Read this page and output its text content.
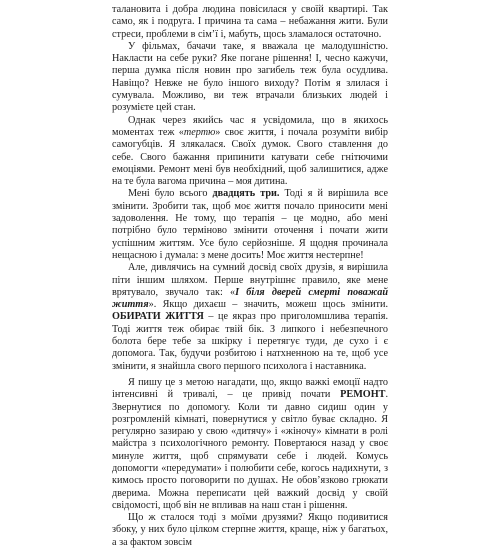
талановита і добра людина повісилася у своїй квартирі. Так само, як і подруга. І причина та сама – небажання жити. Були стреси, проблеми в сім’ї і, мабуть, щось зламалося остаточно.

У фільмах, бачачи таке, я вважала це малодушністю. Накласти на себе руки? Яке погане рішення! І, чесно кажучи, перша думка після новин про загибель теж була осудлива. Навіщо? Невже не було іншого виходу? Потім я злилася і сумувала. Можливо, ви теж втрачали близьких людей і розумієте цей стан.

Однак через якийсь час я усвідомила, що в якихось моментах теж «тертю» своє життя, і почала розуміти вибір самогубців. Я злякалася. Своїх думок. Свого ставлення до себе. Свого бажання припинити катувати себе гнітючими емоціями. Ремонт мені був необхідний, щоб залишитися, адже на те була вагома причина – моя дитина.

Мені було всього двадцять три. Тоді я й вирішила все змінити. Зробити так, щоб моє життя почало приносити мені задоволення. Не тому, що терапія – це модно, або мені потрібно було терміново змінити оточення і почати жити успішним життям. Усе було серйозніше. Я щодня прочинала нещасною і думала: з мене досить! Моє життя нестерпне!

Але, дивлячись на сумний досвід своїх друзів, я вирішила піти іншим шляхом. Перше внутрішнє правило, яке мене врятувало, звучало так: «І біля дверей смерті поважай життя». Якщо дихаєш – значить, можеш щось змінити. ОБИРАТИ ЖИТТЯ – це якраз про приголомшлива терапія. Тоді життя теж обирає твій бік. З липкого і небезпечного болота бере тебе за шкірку і перетягує туди, де сухо і є допомога. Так, будучи розбитою і натхненною на те, щоб усе змінити, я знайшла свого першого психолога і наставника.

Я пишу це з метою нагадати, що, якщо важкі емоції надто інтенсивні й тривалі, – це привід почати РЕМОНТ. Звернутися по допомогу. Коли ти давно сидиш один у розгромленій кімнаті, повернутися у світло буває складно. Я регулярно зазираю у свою «дитячу» і «жіночу» кімнати в ролі майстра з психологічного ремонту. Повертаюся назад у своє минуле життя, щоб спрямувати себе і людей. Комусь допомогти «передумати» і полюбити себе, когось надихнути, з кимось просто поговорити по душах. Не обов’язково грюкати дверима. Можна переписати цей важкий досвід у своїй свідомості, щоб він не впливав на наш стан і рішення.

Що ж сталося тоді з моїми друзями? Якщо подивитися збоку, у них було цілком стерпне життя, краще, ніж у багатьох, а за фактом зовсім
